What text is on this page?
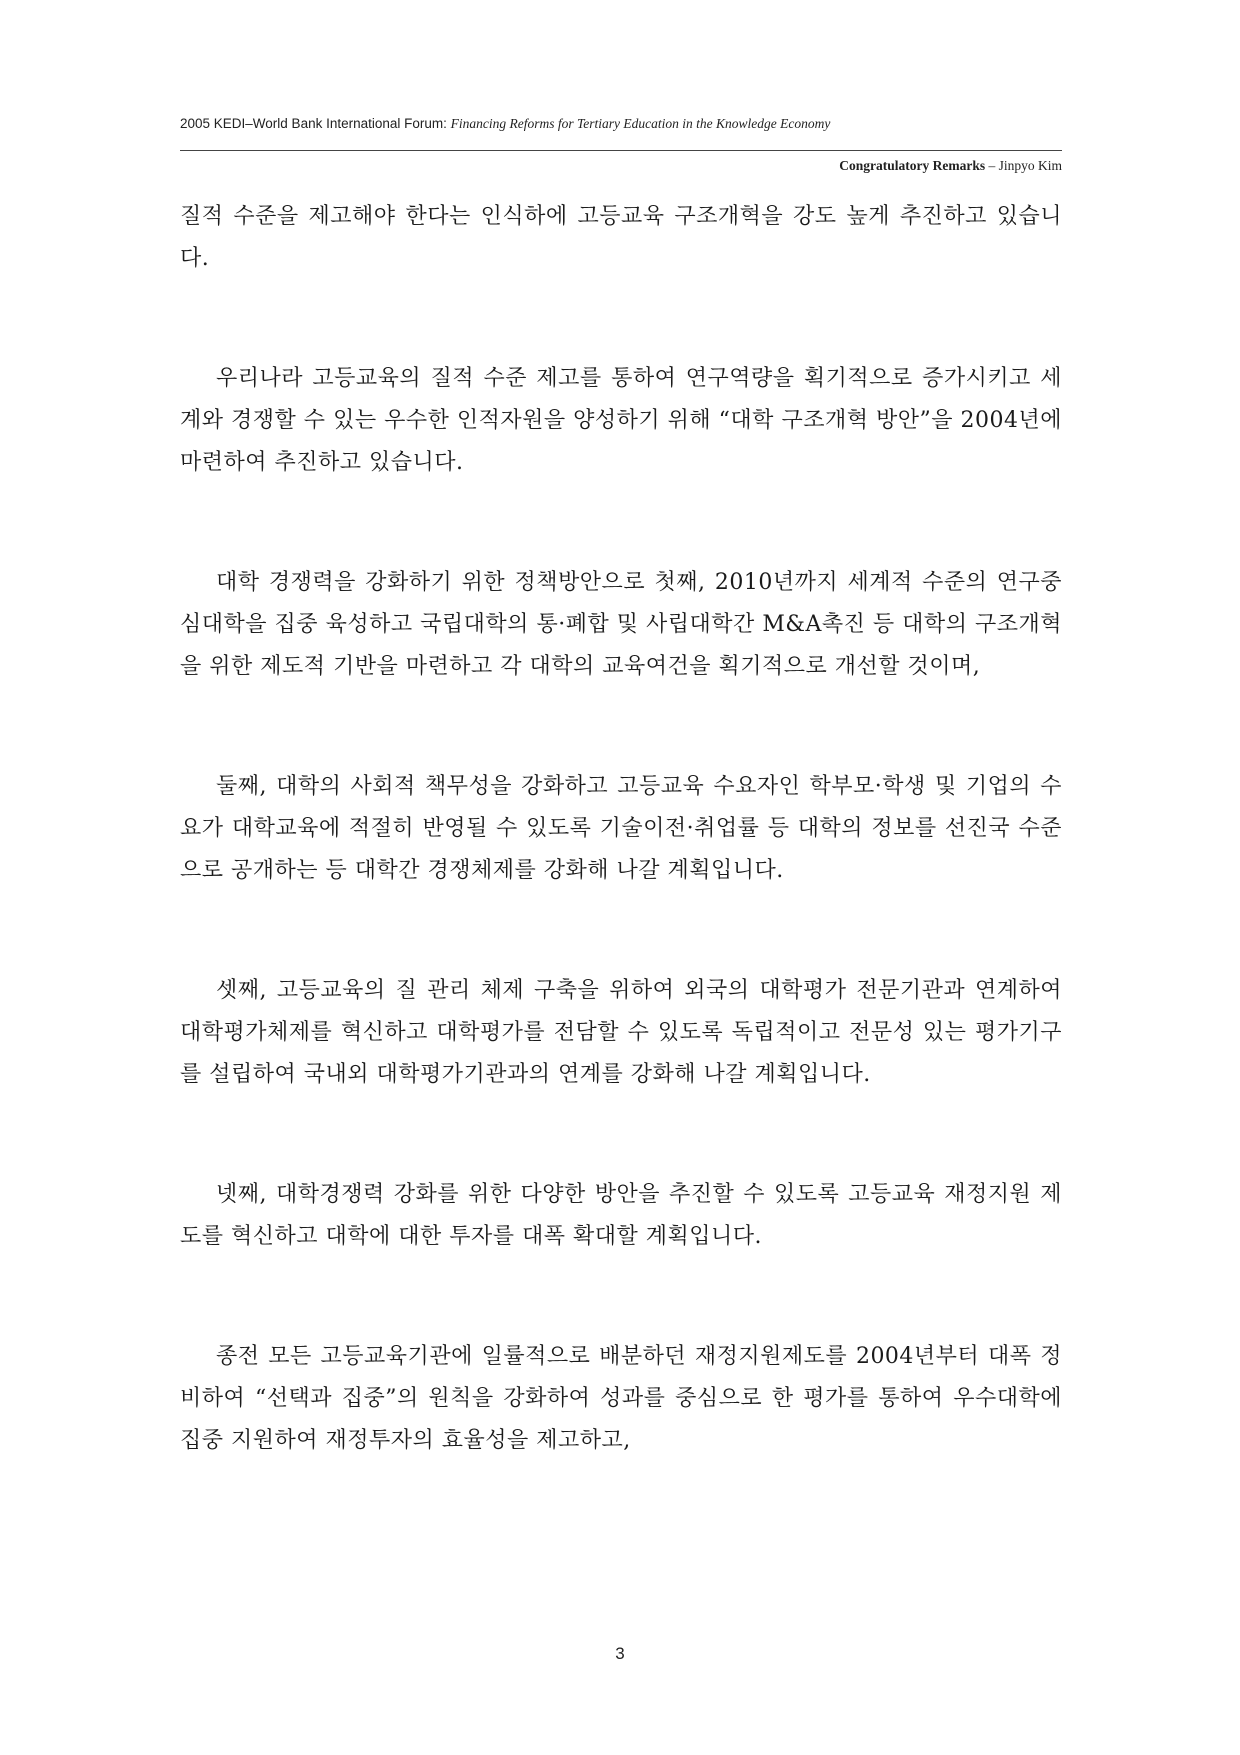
2005 KEDI–World Bank International Forum: Financing Reforms for Tertiary Education in the Knowledge Economy
Congratulatory Remarks – Jinpyo Kim

질적 수준을 제고해야 한다는 인식하에 고등교육 구조개혁을 강도 높게 추진하고 있습니다.

우리나라 고등교육의 질적 수준 제고를 통하여 연구역량을 획기적으로 증가시키고 세계와 경쟁할 수 있는 우수한 인적자원을 양성하기 위해 “대학 구조개혁 방안”을 2004년에 마련하여 추진하고 있습니다.

대학 경쟁력을 강화하기 위한 정책방안으로 첫째, 2010년까지 세계적 수준의 연구중심대학을 집중 육성하고 국립대학의 통·폐합 및 사립대학간 M&A촉진 등 대학의 구조개혁을 위한 제도적 기반을 마련하고 각 대학의 교육여건을 획기적으로 개선할 것이며,

둘째, 대학의 사회적 책무성을 강화하고 고등교육 수요자인 학부모·학생 및 기업의 수요가 대학교육에 적절히 반영될 수 있도록 기술이전·취업률 등 대학의 정보를 선진국 수준으로 공개하는 등 대학간 경쟁체제를 강화해 나갈 계획입니다.

셋째, 고등교육의 질 관리 체제 구축을 위하여 외국의 대학평가 전문기관과 연계하여 대학평가체제를 혁신하고 대학평가를 전담할 수 있도록 독립적이고 전문성 있는 평가기구를 설립하여 국내외 대학평가기관과의 연계를 강화해 나갈 계획입니다.

넷째, 대학경쟁력 강화를 위한 다양한 방안을 추진할 수 있도록 고등교육 재정지원 제도를 혁신하고 대학에 대한 투자를 대폭 확대할 계획입니다.

종전 모든 고등교육기관에 일률적으로 배분하던 재정지원제도를 2004년부터 대폭 정비하여 “선택과 집중”의 원칙을 강화하여 성과를 중심으로 한 평가를 통하여 우수대학에 집중 지원하여 재정투자의 효율성을 제고하고,

3
